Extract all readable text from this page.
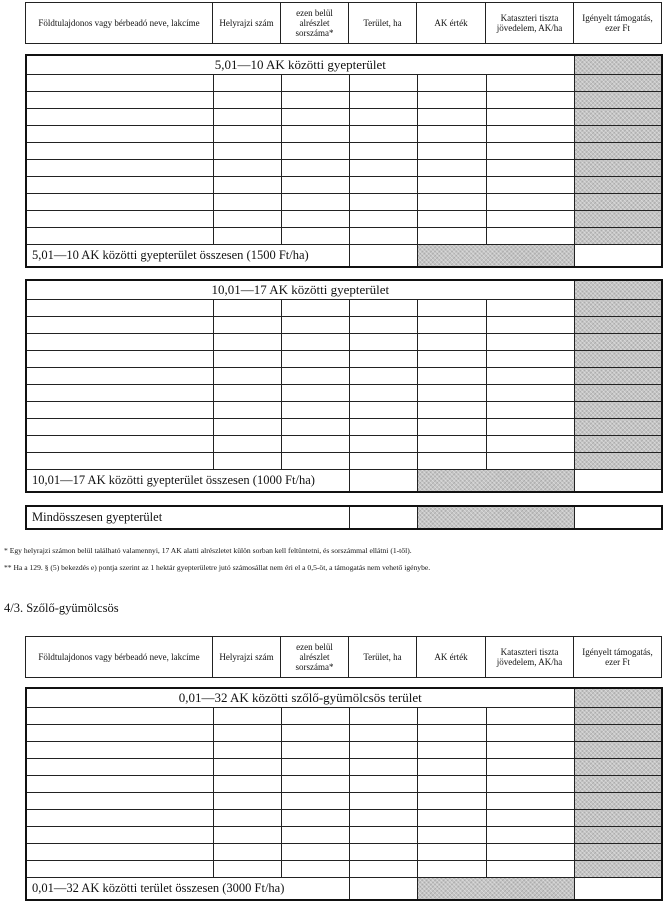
Földtulajdonos vagy bérbeadó neve, lakcíme	Helyrajzi szám	ezen belül alrészlet sorszáma*	Terület, ha	AK érték	Kataszteri tiszta jövedelem, AK/ha	Igényelt támogatás, ezer Ft
5,01—10 AK közötti gyepterület						

5,01—10 AK közötti gyepterület összesen (1500 Ft/ha)						
10,01—17 AK közötti gyepterület						

10,01—17 AK közötti gyepterület összesen (1000 Ft/ha)						
Mindösszesen gyepterület			
* Egy helyrajzi számon belül található valamennyi, 17 AK alatti alrészletet külön sorban kell feltüntetni, és sorszámmal ellátni (1-től).
** Ha a 129. § (5) bekezdés e) pontja szerint az 1 hektár gyepterületre jutó számosállat nem éri el a 0,5-öt, a támogatás nem vehető igénybe.
4/3. Szőlő-gyümölcsös
Földtulajdonos vagy bérbeadó neve, lakcíme	Helyrajzi szám	ezen belül alrészlet sorszáma*	Terület, ha	AK érték	Kataszteri tiszta jövedelem, AK/ha	Igényelt támogatás, ezer Ft
0,01—32 AK közötti szőlő-gyümölcsös terület						

0,01—32 AK közötti terület összesen (3000 Ft/ha)						
